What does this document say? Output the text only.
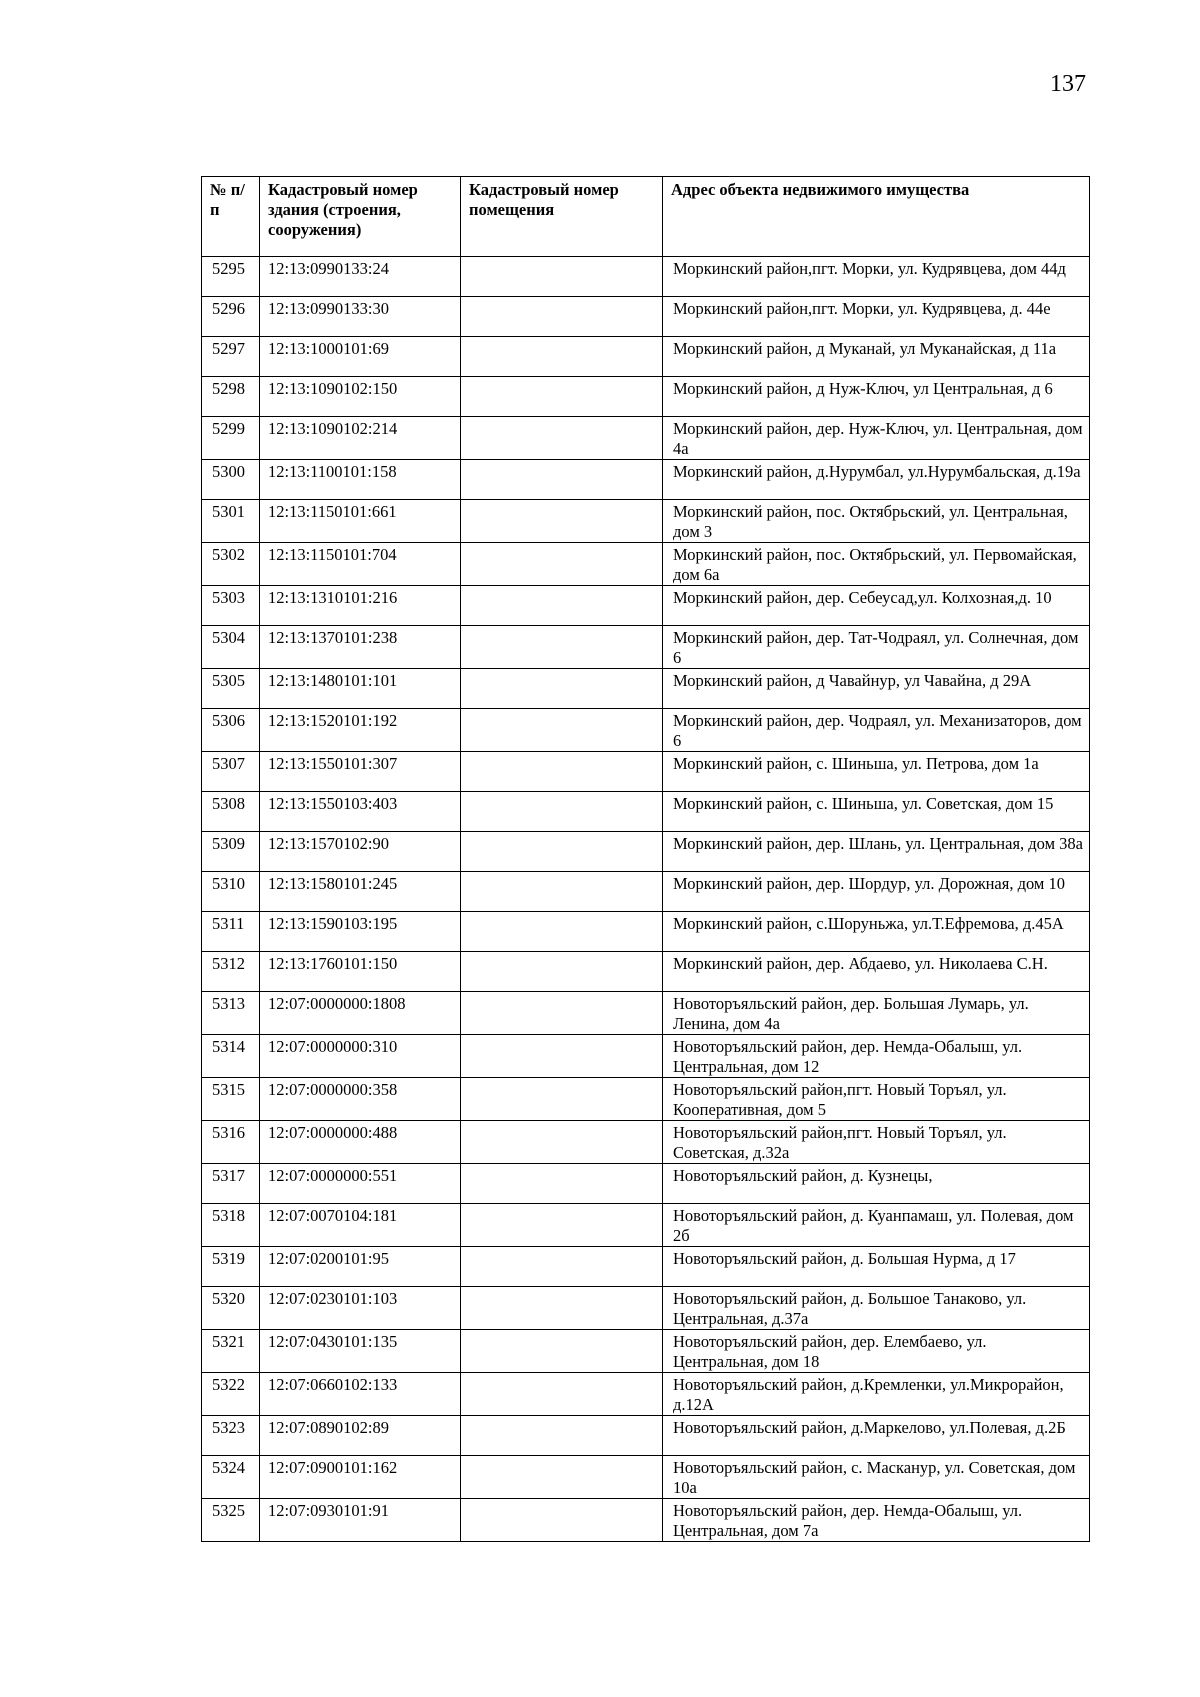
137
№ п/п	Кадастровый номер здания (строения, сооружения)	Кадастровый номер помещения	Адрес объекта недвижимого имущества
5295	12:13:0990133:24		Моркинский район,пгт. Морки, ул. Кудрявцева, дом 44д
5296	12:13:0990133:30		Моркинский район,пгт. Морки, ул. Кудрявцева, д. 44е
5297	12:13:1000101:69		Моркинский район, д Муканай, ул Муканайская, д 11а
5298	12:13:1090102:150		Моркинский район, д Нуж-Ключ, ул Центральная, д 6
5299	12:13:1090102:214		Моркинский район, дер. Нуж-Ключ, ул. Центральная, дом 4а
5300	12:13:1100101:158		Моркинский район, д.Нурумбал, ул.Нурумбальская, д.19а
5301	12:13:1150101:661		Моркинский район, пос. Октябрьский, ул. Центральная, дом 3
5302	12:13:1150101:704		Моркинский район, пос. Октябрьский, ул. Первомайская, дом 6а
5303	12:13:1310101:216		Моркинский район, дер. Себеусад,ул. Колхозная,д. 10
5304	12:13:1370101:238		Моркинский район, дер. Тат-Чодраял, ул. Солнечная, дом 6
5305	12:13:1480101:101		Моркинский район, д Чавайнур, ул Чавайна, д 29А
5306	12:13:1520101:192		Моркинский район, дер. Чодраял, ул. Механизаторов, дом 6
5307	12:13:1550101:307		Моркинский район, с. Шиньша, ул. Петрова, дом 1а
5308	12:13:1550103:403		Моркинский район, с. Шиньша, ул. Советская, дом 15
5309	12:13:1570102:90		Моркинский район, дер. Шлань, ул. Центральная, дом 38а
5310	12:13:1580101:245		Моркинский район, дер. Шордур, ул. Дорожная, дом 10
5311	12:13:1590103:195		Моркинский район, с.Шоруньжа, ул.Т.Ефремова, д.45А
5312	12:13:1760101:150		Моркинский район, дер. Абдаево, ул. Николаева С.Н.
5313	12:07:0000000:1808		Новоторъяльский район, дер. Большая Лумарь, ул. Ленина, дом 4а
5314	12:07:0000000:310		Новоторъяльский район, дер. Немда-Обалыш, ул. Центральная, дом 12
5315	12:07:0000000:358		Новоторъяльский район,пгт. Новый Торъял, ул. Кооперативная, дом 5
5316	12:07:0000000:488		Новоторъяльский район,пгт. Новый Торъял, ул. Советская, д.32а
5317	12:07:0000000:551		Новоторъяльский район, д. Кузнецы,
5318	12:07:0070104:181		Новоторъяльский район, д. Куанпамаш, ул. Полевая, дом 2б
5319	12:07:0200101:95		Новоторъяльский район, д. Большая Нурма, д 17
5320	12:07:0230101:103		Новоторъяльский район, д. Большое Танаково, ул. Центральная, д.37а
5321	12:07:0430101:135		Новоторъяльский район, дер. Елембаево, ул. Центральная, дом 18
5322	12:07:0660102:133		Новоторъяльский район, д.Кремленки, ул.Микрорайон, д.12А
5323	12:07:0890102:89		Новоторъяльский район, д.Маркелово, ул.Полевая, д.2Б
5324	12:07:0900101:162		Новоторъяльский район, с. Масканур, ул. Советская, дом 10а
5325	12:07:0930101:91		Новоторъяльский район, дер. Немда-Обалыш, ул. Центральная, дом 7а
